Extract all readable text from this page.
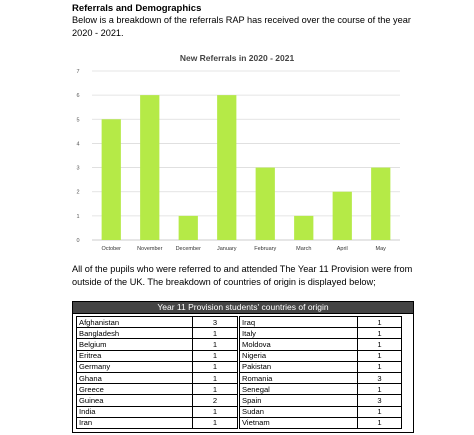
Referrals and Demographics
Below is a breakdown of the referrals RAP has received over the course of the year 2020 - 2021.
New Referrals in 2020 - 2021
0
1
2
3
4
5
6
7
October	November December	January	February	March	April	May
All of the pupils who were referred to and attended The Year 11 Provision were from outside of the UK. The breakdown of countries of origin is displayed below;
Year 11 Provision students' countries of origin
Afghanistan	3
Bangladesh	1
Belgium	1
Eritrea	1
Germany	1
Ghana	1
Greece	1
Guinea	2
India	1
Iran	1
Iraq	1
Italy	1
Moldova	1
Nigeria	1
Pakistan	1
Romania	3
Senegal	1
Spain	3
Sudan	1
Vietnam	1
